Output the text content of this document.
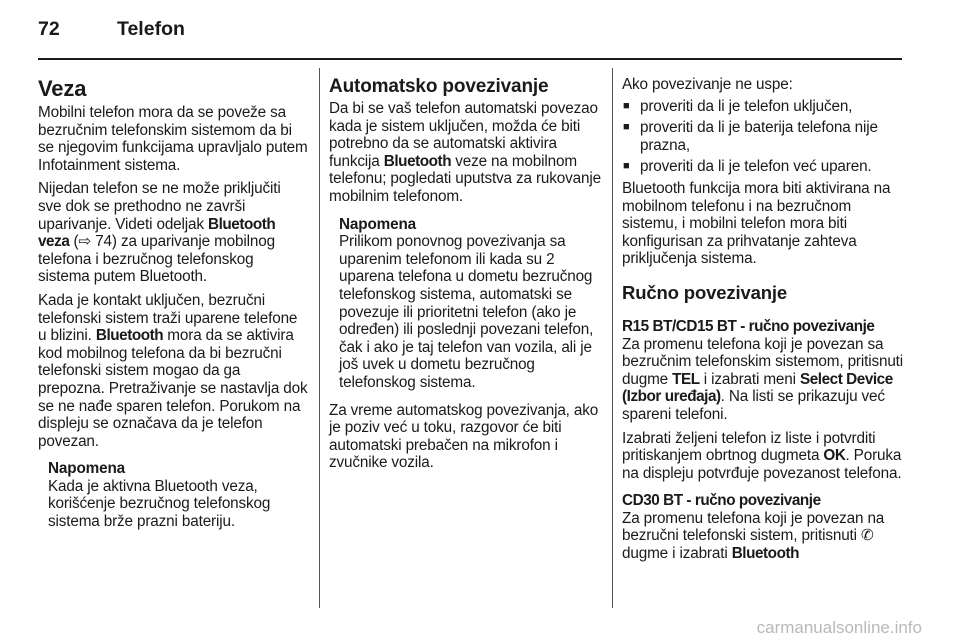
72	Telefon
Veza

Mobilni telefon mora da se poveže sa bezručnim telefonskim sistemom da bi se njegovim funkcijama upravljalo putem Infotainment sistema.

Nijedan telefon se ne može priključiti sve dok se prethodno ne završi uparivanje. Videti odeljak Bluetooth veza (⇨ 74) za uparivanje mobilnog telefona i bezručnog telefonskog sistema putem Bluetooth.

Kada je kontakt uključen, bezručni telefonski sistem traži uparene telefone u blizini. Bluetooth mora da se aktivira kod mobilnog telefona da bi bezručni telefonski sistem mogao da ga prepozna. Pretraživanje se nastavlja dok se ne nađe sparen telefon. Porukom na displeju se označava da je telefon povezan.

Napomena
Kada je aktivna Bluetooth veza, korišćenje bezručnog telefonskog sistema brže prazni bateriju.
Automatsko povezivanje

Da bi se vaš telefon automatski povezao kada je sistem uključen, možda će biti potrebno da se automatski aktivira funkcija Bluetooth veze na mobilnom telefonu; pogledati uputstva za rukovanje mobilnim telefonom.

Napomena
Prilikom ponovnog povezivanja sa uparenim telefonom ili kada su 2 uparena telefona u dometu bezručnog telefonskog sistema, automatski se povezuje ili prioritetni telefon (ako je određen) ili poslednji povezani telefon, čak i ako je taj telefon van vozila, ali je još uvek u dometu bezručnog telefonskog sistema.

Za vreme automatskog povezivanja, ako je poziv već u toku, razgovor će biti automatski prebačen na mikrofon i zvučnike vozila.

Ako povezivanje ne uspe:

■ proveriti da li je telefon uključen,
■ proveriti da li je baterija telefona nije prazna,
■ proveriti da li je telefon već uparen.

Bluetooth funkcija mora biti aktivirana na mobilnom telefonu i na bezručnom sistemu, i mobilni telefon mora biti konfigurisan za prihvatanje zahteva priključenja sistema.

Ručno povezivanje
R15 BT/CD15 BT - ručno povezivanje

Za promenu telefona koji je povezan sa bezručnim telefonskim sistemom, pritisnuti dugme TEL i izabrati meni Select Device (Izbor uređaja). Na listi se prikazuju već spareni telefoni.

Izabrati željeni telefon iz liste i potvrditi pritiskanjem obrtnog dugmeta OK. Poruka na displeju potvrđuje povezanost telefona.

CD30 BT - ručno povezivanje

Za promenu telefona koji je povezan na bezručni telefonski sistem, pritisnuti ✆ dugme i izabrati Bluetooth

carmanualsonline.info
